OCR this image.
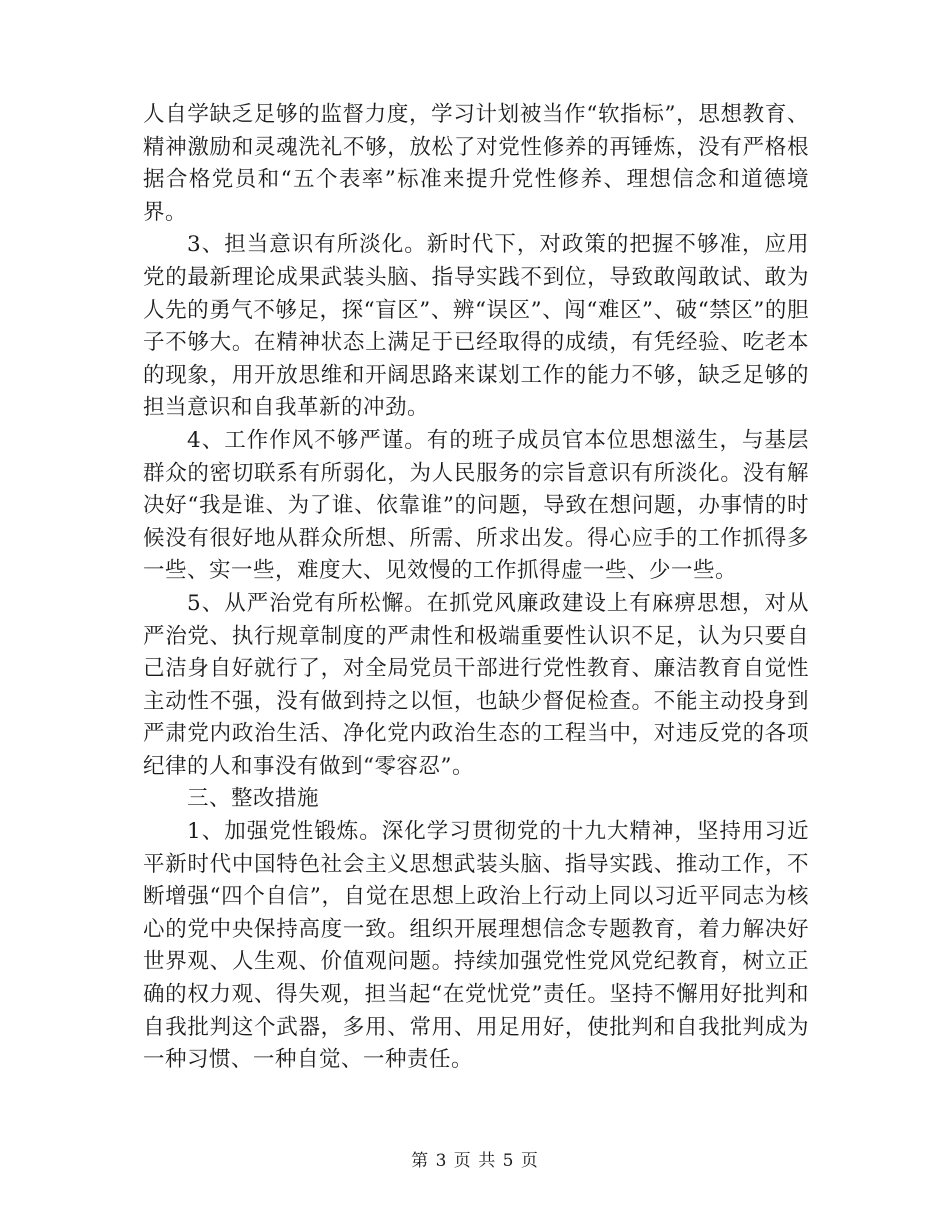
人自学缺乏足够的监督力度，学习计划被当作“软指标”，思想教育、精神激励和灵魂洗礼不够，放松了对党性修养的再锤炼，没有严格根据合格党员和“五个表率”标准来提升党性修养、理想信念和道德境界。

3、担当意识有所淡化。新时代下，对政策的把握不够准，应用党的最新理论成果武装头脑、指导实践不到位，导致敢闯敢试、敢为人先的勇气不够足，探“盲区”、辨“误区”、闯“难区”、破“禁区”的胆子不够大。在精神状态上满足于已经取得的成绩，有凭经验、吃老本的现象，用开放思维和开阔思路来谋划工作的能力不够，缺乏足够的担当意识和自我革新的冲劲。

4、工作作风不够严谨。有的班子成员官本位思想滋生，与基层群众的密切联系有所弱化，为人民服务的宗旨意识有所淡化。没有解决好“我是谁、为了谁、依靠谁”的问题，导致在想问题，办事情的时候没有很好地从群众所想、所需、所求出发。得心应手的工作抓得多一些、实一些，难度大、见效慢的工作抓得虚一些、少一些。

5、从严治党有所松懈。在抓党风廉政建设上有麻痹思想，对从严治党、执行规章制度的严肃性和极端重要性认识不足，认为只要自己洁身自好就行了，对全局党员干部进行党性教育、廉洁教育自觉性主动性不强，没有做到持之以恒，也缺少督促检查。不能主动投身到严肃党内政治生活、净化党内政治生态的工程当中，对违反党的各项纪律的人和事没有做到“零容忍”。

三、整改措施

1、加强党性锻炼。深化学习贯彻党的十九大精神，坚持用习近平新时代中国特色社会主义思想武装头脑、指导实践、推动工作，不断增强“四个自信”，自觉在思想上政治上行动上同以习近平同志为核心的党中央保持高度一致。组织开展理想信念专题教育，着力解决好世界观、人生观、价值观问题。持续加强党性党风党纪教育，树立正确的权力观、得失观，担当起“在党忧党”责任。坚持不懈用好批判和自我批判这个武器，多用、常用、用足用好，使批判和自我批判成为一种习惯、一种自觉、一种责任。

第 3 页 共 5 页
